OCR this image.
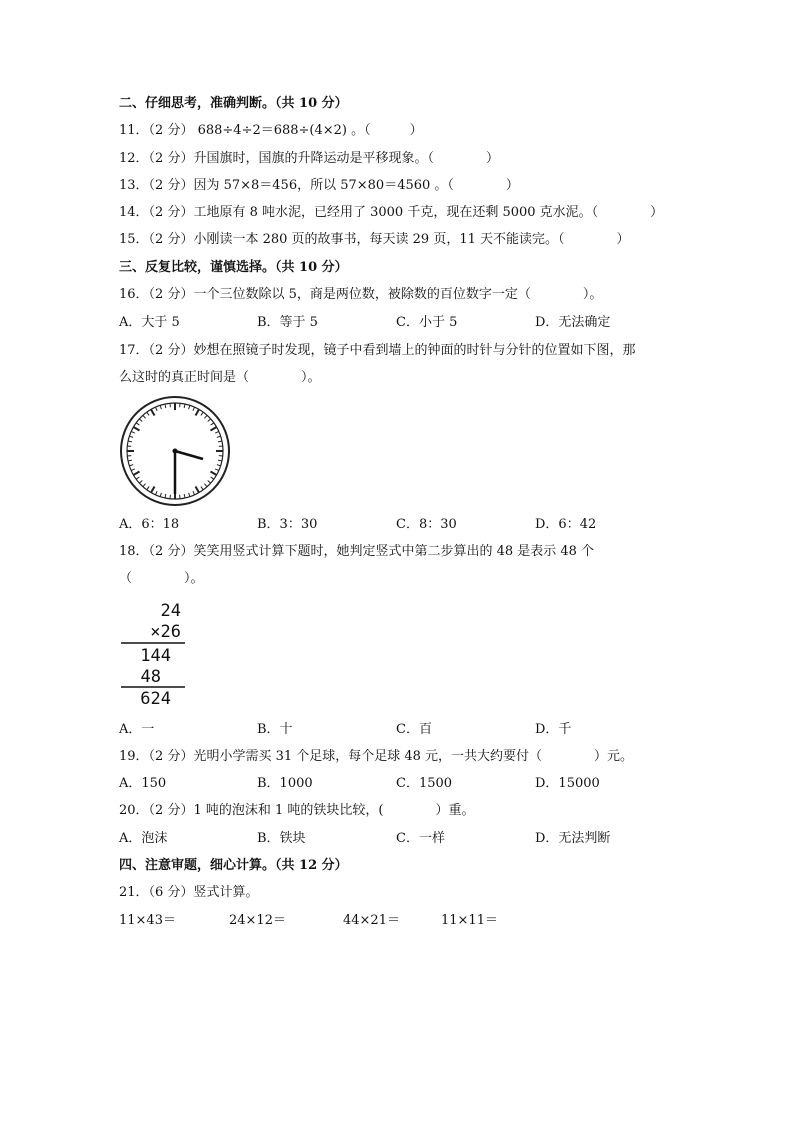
二、仔细思考，准确判断。（共 10 分）
11．（2 分） 688÷4÷2＝688÷(4×2) 。（　　　）
12．（2 分）升国旗时，国旗的升降运动是平移现象。（　　　　）
13．（2 分）因为 57×8＝456，所以 57×80＝4560 。（　　　　）
14．（2 分）工地原有 8 吨水泥，已经用了 3000 千克，现在还剩 5000 克水泥。（　　　　）
15．（2 分）小刚读一本 280 页的故事书，每天读 29 页，11 天不能读完。（　　　　）
三、反复比较，谨慎选择。（共 10 分）
16．（2 分）一个三位数除以 5，商是两位数，被除数的百位数字一定（　　　　）。
A．大于 5	B．等于 5	C．小于 5	D．无法确定
17．（2 分）妙想在照镜子时发现，镜子中看到墙上的钟面的时针与分针的位置如下图，那
么这时的真正时间是（　　　　）。
A．6：18	B．3：30	C．8：30	D．6：42
18．（2 分）笑笑用竖式计算下题时，她判定竖式中第二步算出的 48 是表示 48 个
（　　　　）。
24
×26
144
48
624
A．一	B．十	C．百	D．千
19．（2 分）光明小学需买 31 个足球，每个足球 48 元，一共大约要付（　　　　）元。
A．150	B．1000	C．1500	D．15000
20．（2 分）1 吨的泡沫和 1 吨的铁块比较，(　　　　）重。
A．泡沫	B．铁块	C．一样	D．无法判断
四、注意审题，细心计算。（共 12 分）
21．（6 分）竖式计算。
11×43＝	24×12＝	44×21＝	11×11＝
